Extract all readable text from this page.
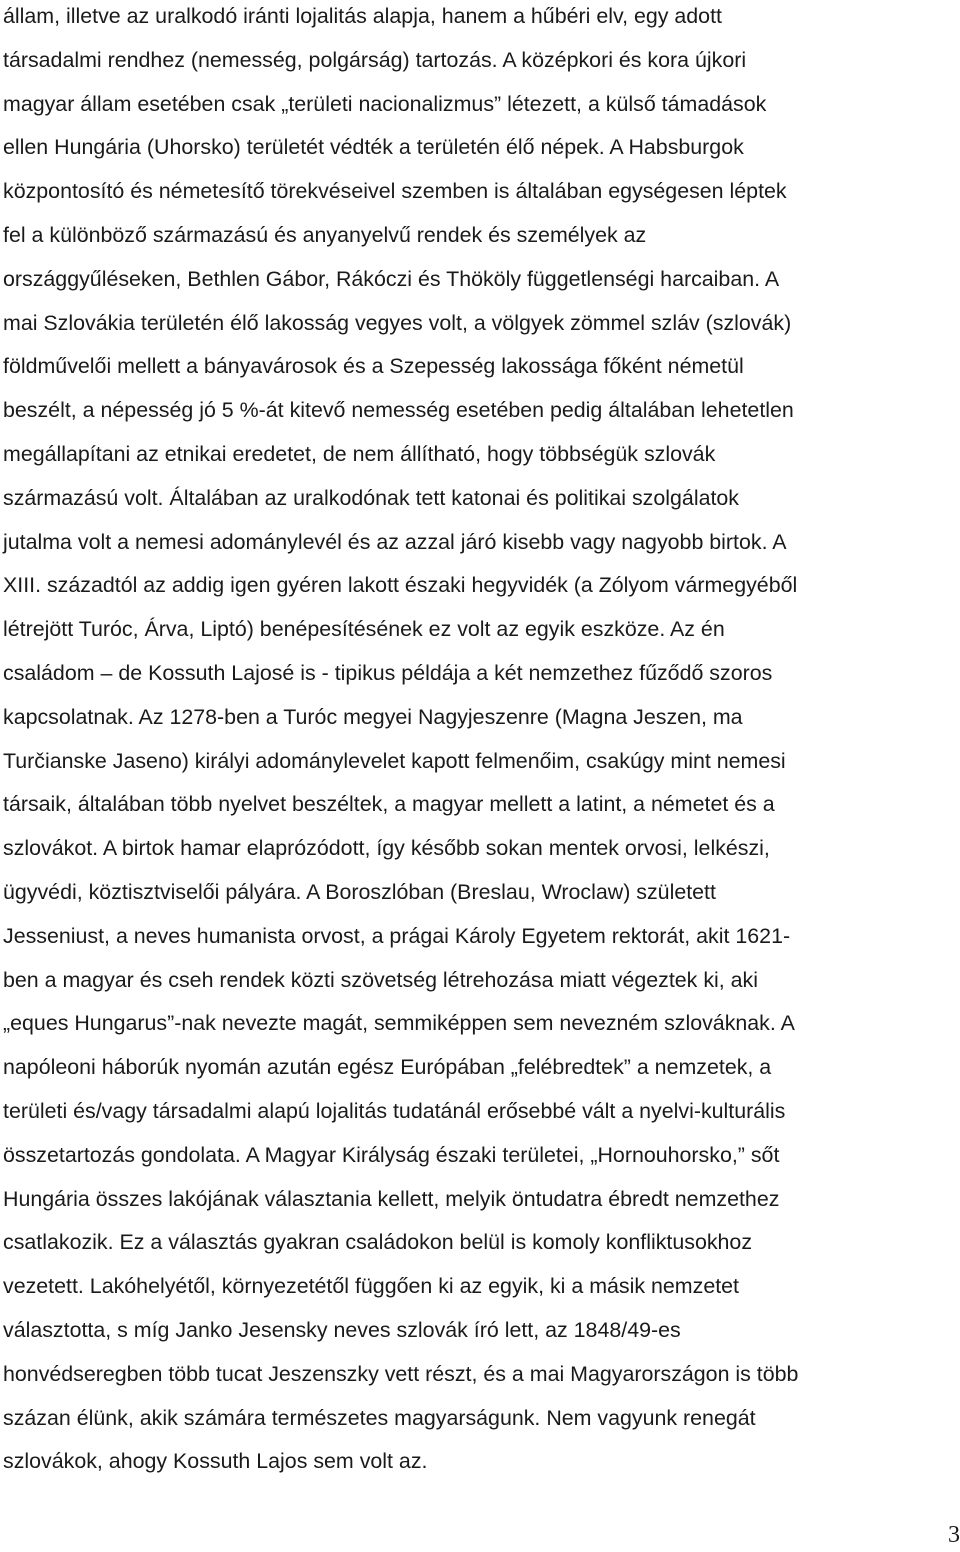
állam, illetve az uralkodó iránti lojalitás alapja, hanem a hűbéri elv, egy adott
társadalmi rendhez (nemesség, polgárság) tartozás. A középkori és kora újkori
magyar állam esetében csak „területi nacionalizmus” létezett, a külső támadások
ellen Hungária (Uhorsko) területét védték a területén élő népek. A Habsburgok
központosító és németesítő törekvéseivel szemben is általában egységesen léptek
fel a különböző származású és anyanyelvű rendek és személyek az
országgyűléseken, Bethlen Gábor, Rákóczi és Thököly függetlenségi harcaiban. A
mai Szlovákia területén élő lakosság vegyes volt, a völgyek zömmel szláv (szlovák)
földművelői mellett a bányavárosok és a Szepesség lakossága főként németül
beszélt, a népesség jó 5 %-át kitevő nemesség esetében pedig általában lehetetlen
megállapítani az etnikai eredetet, de nem állítható, hogy többségük szlovák
származású volt. Általában az uralkodónak tett katonai és politikai szolgálatok
jutalma volt a nemesi adománylevél és az azzal járó kisebb vagy nagyobb birtok. A
XIII. századtól az addig igen gyéren lakott északi hegyvidék (a Zólyom vármegyéből
létrejött Turóc, Árva, Liptó) benépesítésének ez volt az egyik eszköze. Az én
családom – de Kossuth Lajosé is - tipikus példája a két nemzethez fűződő szoros
kapcsolatnak. Az 1278-ben a Turóc megyei Nagyjeszenre (Magna Jeszen, ma
Turčianske Jaseno) királyi adománylevelet kapott felmenőim, csakúgy mint nemesi
társaik, általában több nyelvet beszéltek, a magyar mellett a latint, a németet és a
szlovákot. A birtok hamar elaprózódott, így később sokan mentek orvosi, lelkészi,
ügyvédi, köztisztviselői pályára. A Boroszlóban (Breslau, Wroclaw) született
Jesseniust, a neves humanista orvost, a prágai Károly Egyetem rektorát, akit 1621-
ben a magyar és cseh rendek közti szövetség létrehozása miatt végeztek ki, aki
„eques Hungarus”-nak nevezte magát, semmiképpen sem nevezném szlováknak. A
napóleoni háborúk nyomán azután egész Európában „felébredtek” a nemzetek, a
területi és/vagy társadalmi alapú lojalitás tudatánál erősebbé vált a nyelvi-kulturális
összetartozás gondolata. A Magyar Királyság északi területei, „Hornouhorsko,” sőt
Hungária összes lakójának választania kellett, melyik öntudatra ébredt nemzethez
csatlakozik. Ez a választás gyakran családokon belül is komoly konfliktusokhoz
vezetett. Lakóhelyétől, környezetétől függően ki az egyik, ki a másik nemzetet
választotta, s míg Janko Jesensky neves szlovák író lett, az 1848/49-es
honvédseregben több tucat Jeszenszky vett részt, és a mai Magyarországon is több
százan élünk, akik számára természetes magyarságunk. Nem vagyunk renegát
szlovákok, ahogy Kossuth Lajos sem volt az.
3
